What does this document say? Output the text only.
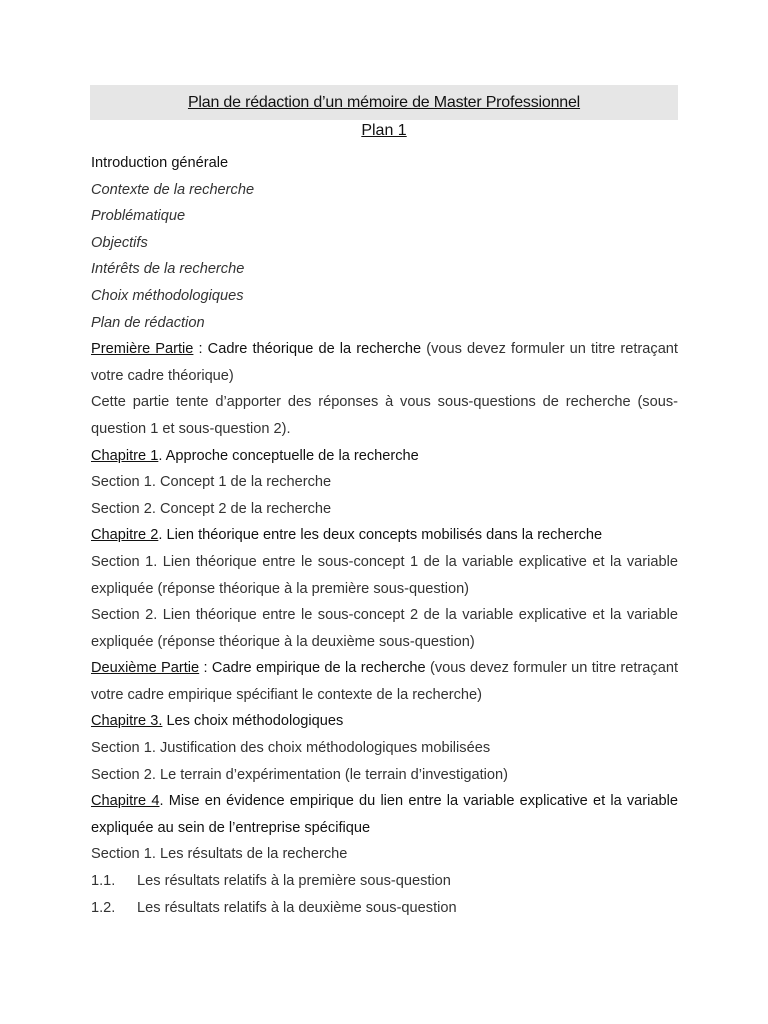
Plan de rédaction d’un mémoire de Master Professionnel
Plan 1

Introduction générale

Contexte de la recherche

Problématique

Objectifs

Intérêts de la recherche

Choix méthodologiques

Plan de rédaction

Première Partie : Cadre théorique de la recherche (vous devez formuler un titre retraçant votre cadre théorique)

Cette partie tente d’apporter des réponses à vous sous-questions de recherche (sous-question 1 et sous-question 2).

Chapitre 1. Approche conceptuelle de la recherche

Section 1. Concept 1 de la recherche

Section 2. Concept 2 de la recherche

Chapitre 2. Lien théorique entre les deux concepts mobilisés dans la recherche

Section 1. Lien théorique entre le sous-concept 1 de la variable explicative et la variable expliquée (réponse théorique à la première sous-question)

Section 2. Lien théorique entre le sous-concept 2 de la variable explicative et la variable expliquée (réponse théorique à la deuxième sous-question)

Deuxième Partie : Cadre empirique de la recherche (vous devez formuler un titre retraçant votre cadre empirique spécifiant le contexte de la recherche)

Chapitre 3. Les choix méthodologiques

Section 1. Justification des choix méthodologiques mobilisées

Section 2. Le terrain d’expérimentation (le terrain d’investigation)

Chapitre 4. Mise en évidence empirique du lien entre la variable explicative et la variable expliquée au sein de l’entreprise spécifique

Section 1. Les résultats de la recherche

1.1. Les résultats relatifs à la première sous-question

1.2. Les résultats relatifs à la deuxième sous-question
